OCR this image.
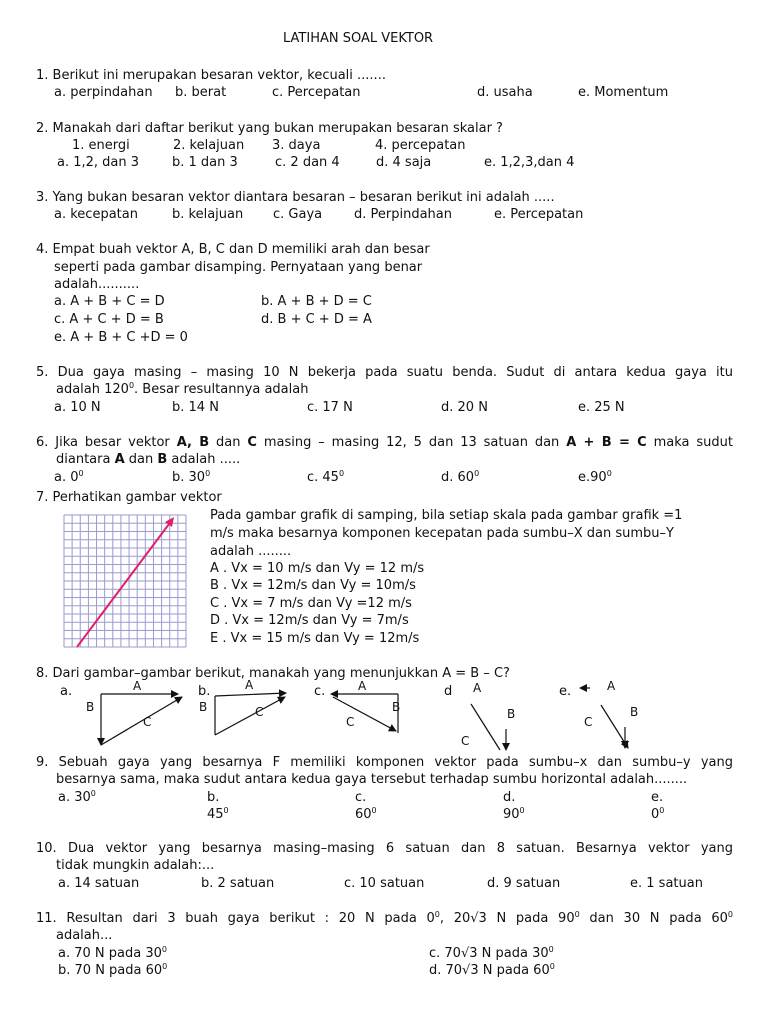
LATIHAN SOAL VEKTOR
1. Berikut ini merupakan besaran vektor, kecuali .......
a. perpindahan b. berat	c. Percepatan	d. usaha	e. Momentum
2. Manakah dari daftar berikut yang bukan merupakan besaran skalar ?
1. energi	2. kelajuan 3. daya	4. percepatan
a. 1,2, dan 3	b. 1 dan 3	c. 2 dan 4	d. 4 saja	e. 1,2,3,dan 4
3. Yang bukan besaran vektor diantara besaran – besaran berikut ini adalah .....
a. kecepatan	b. kelajuan c. Gaya d. Perpindahan	e. Percepatan
4. Empat buah vektor A, B, C dan D memiliki arah dan besar
seperti pada gambar disamping. Pernyataan yang benar
adalah..........
a. A + B + C = D	b. A + B + D = C
c. A + C + D = B	d. B + C + D = A
e. A + B + C +D = 0
5. Dua gaya masing – masing 10 N bekerja pada suatu benda. Sudut di antara kedua gaya itu
adalah $120^0$. Besar resultannya adalah
a. 10 N	b. 14 N	c. 17 N	d. 20 N	e. 25 N
6. Jika besar vektor A, B dan C masing – masing 12, 5 dan 13 satuan dan A + B = C maka sudut
diantara A dan B adalah .....
a. $0^0$	b. $30^0$	c. $45^0$	d. $60^0$	$e.90^0$
7. Perhatikan gambar vektor
Pada gambar grafik di samping, bila setiap skala pada gambar grafik =1
m/s maka besarnya komponen kecepatan pada sumbu–X dan sumbu–Y
adalah ........
A . Vx = 10 m/s dan Vy = 12 m/s
B . Vx = 12m/s dan Vy = 10m/s
C . Vx = 7 m/s dan Vy =12 m/s
D . Vx = 12m/s dan Vy = 7m/s
E . Vx = 15 m/s dan Vy = 12m/s
8. Dari gambar–gambar berikut, manakah yang menunjukkan A = B – C?
a.	b.	c.	d	e.
A
B
C
A
B	C
A
B
C
A
B
C
A
B
C
9. Sebuah gaya yang besarnya F memiliki komponen vektor pada sumbu–x dan sumbu–y yang
besarnya sama, maka sudut antara kedua gaya tersebut terhadap sumbu horizontal adalah........
a. $30^0$	b.
$45^0$
c.
$60^0$
d.
$90^0$
e.
$0^0$
10. Dua vektor yang besarnya masing–masing 6 satuan dan 8 satuan. Besarnya vektor yang
tidak mungkin adalah:...
a. 14 satuan	b. 2 satuan	c. 10 satuan	d. 9 satuan	e. 1 satuan
11. Resultan dari 3 buah gaya berikut : 20 N pada $0^0$, 20√3 N pada $90^0$ dan 30 N pada $60^0$
adalah...
a. 70 N pada $30^0$
b. 70 N pada $60^0$
c. 70√3 N pada $30^0$
d. 70√3 N pada $60^0$
